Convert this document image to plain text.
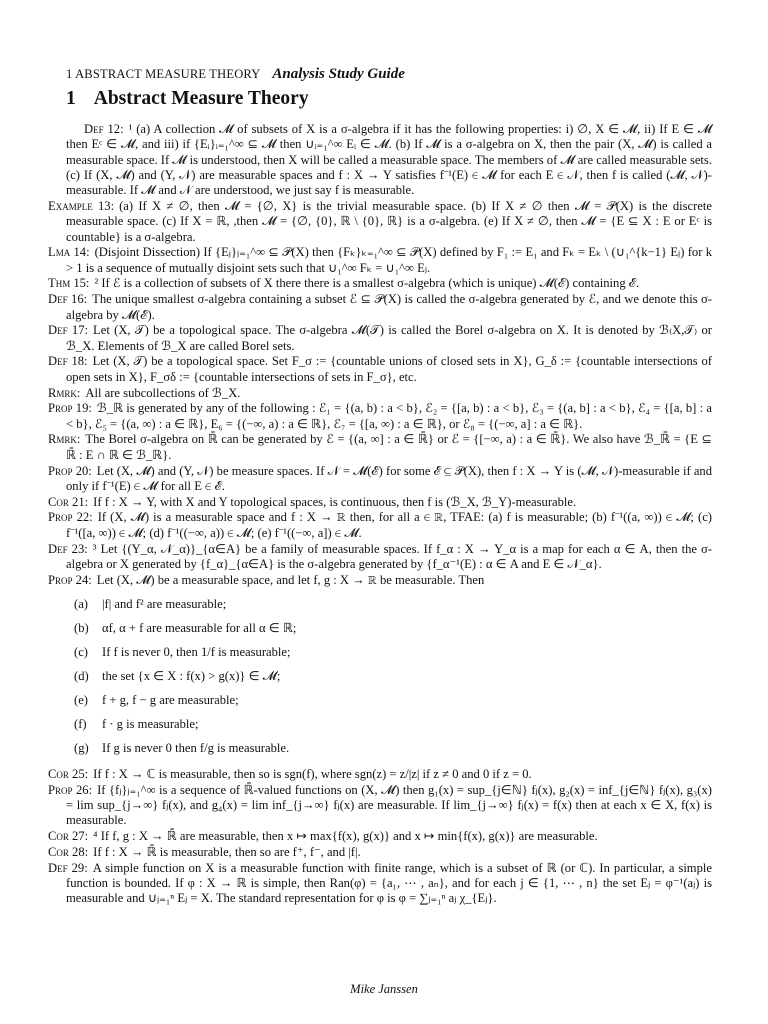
1 ABSTRACT MEASURE THEORY Analysis Study Guide
1 Abstract Measure Theory
Def 12: ¹ (a) A collection 𝓜 of subsets of X is a σ-algebra if it has the following properties: i) ∅, X ∈ 𝓜, ii) If E ∈ 𝓜 then Eᶜ ∈ 𝓜, and iii) if {Eᵢ}ᵢ₌₁^∞ ⊆ 𝓜 then ∪ᵢ₌₁^∞ Eᵢ ∈ 𝓜. (b) If 𝓜 is a σ-algebra on X, then the pair (X, 𝓜) is called a measurable space. If 𝓜 is understood, then X will be called a measurable space. The members of 𝓜 are called measurable sets. (c) If (X, 𝓜) and (Y, 𝒩) are measurable spaces and f : X → Y satisfies f⁻¹(E) ∈ 𝓜 for each E ∈ 𝒩, then f is called (𝓜, 𝒩)-measurable. If 𝓜 and 𝒩 are understood, we just say f is measurable.
Example 13: (a) If X ≠ ∅, then 𝓜 = {∅, X} is the trivial measurable space. (b) If X ≠ ∅ then 𝓜 = 𝒫(X) is the discrete measurable space. (c) If X = ℝ, ,then 𝓜 = {∅, {0}, ℝ \ {0}, ℝ} is a σ-algebra. (e) If X ≠ ∅, then 𝓜 = {E ⊆ X : E or Eᶜ is countable} is a σ-algebra.
Lma 14: (Disjoint Dissection) If {Eⱼ}ⱼ₌₁^∞ ⊆ 𝒫(X) then {Fₖ}ₖ₌₁^∞ ⊆ 𝒫(X) defined by F₁ := E₁ and Fₖ = Eₖ \ (∪₁^{k−1} Eⱼ) for k > 1 is a sequence of mutually disjoint sets such that ∪₁^∞ Fₖ = ∪₁^∞ Eⱼ.
Thm 15: ² If ℰ is a collection of subsets of X there there is a smallest σ-algebra (which is unique) 𝓜(ℰ) containing ℰ.
Def 16: The unique smallest σ-algebra containing a subset ℰ ⊆ 𝒫(X) is called the σ-algebra generated by ℰ, and we denote this σ-algebra by 𝓜(ℰ).
Def 17: Let (X, 𝒯) be a topological space. The σ-algebra 𝓜(𝒯) is called the Borel σ-algebra on X. It is denoted by ℬ₍X,𝒯₎ or ℬ_X. Elements of ℬ_X are called Borel sets.
Def 18: Let (X, 𝒯) be a topological space. Set F_σ := {countable unions of closed sets in X}, G_δ := {countable intersections of open sets in X}, F_σδ := {countable intersections of sets in F_σ}, etc.
Rmrk: All are subcollections of ℬ_X.
Prop 19: ℬ_ℝ is generated by any of the following : ℰ₁ = {(a, b) : a < b}, ℰ₂ = {[a, b) : a < b}, ℰ₃ = {(a, b] : a < b}, ℰ₄ = {[a, b] : a < b}, ℰ₅ = {(a, ∞) : a ∈ ℝ}, E₆ = {(−∞, a) : a ∈ ℝ}, ℰ₇ = {[a, ∞) : a ∈ ℝ}, or ℰ₈ = {(−∞, a] : a ∈ ℝ}.
Rmrk: The Borel σ-algebra on ℝ̄ can be generated by ℰ = {(a, ∞] : a ∈ ℝ̄} or ℰ = {[−∞, a) : a ∈ ℝ̄}. We also have ℬ_ℝ̄ = {E ⊆ ℝ̄ : E ∩ ℝ ∈ ℬ_ℝ}.
Prop 20: Let (X, 𝓜) and (Y, 𝒩) be measure spaces. If 𝒩 = 𝓜(ℰ) for some ℰ ⊆ 𝒫(X), then f : X → Y is (𝓜, 𝒩)-measurable if and only if f⁻¹(E) ∈ 𝓜 for all E ∈ ℰ.
Cor 21: If f : X → Y, with X and Y topological spaces, is continuous, then f is (ℬ_X, ℬ_Y)-measurable.
Prop 22: If (X, 𝓜) is a measurable space and f : X → ℝ then, for all a ∈ ℝ, TFAE: (a) f is measurable; (b) f⁻¹((a, ∞)) ∈ 𝓜; (c) f⁻¹([a, ∞)) ∈ 𝓜; (d) f⁻¹((−∞, a)) ∈ 𝓜; (e) f⁻¹((−∞, a]) ∈ 𝓜.
Def 23: ³ Let {(Y_α, 𝒩_α)}_{α∈A} be a family of measurable spaces. If f_α : X → Y_α is a map for each α ∈ A, then the σ-algebra or X generated by {f_α}_{α∈A} is the σ-algebra generated by {f_α⁻¹(E) : α ∈ A and E ∈ 𝒩_α}.
Prop 24: Let (X, 𝓜) be a measurable space, and let f, g : X → ℝ be measurable. Then
(a) |f| and f² are measurable;
(b) αf, α + f are measurable for all α ∈ ℝ;
(c) If f is never 0, then 1/f is measurable;
(d) the set {x ∈ X : f(x) > g(x)} ∈ 𝓜;
(e) f + g, f − g are measurable;
(f) f · g is measurable;
(g) If g is never 0 then f/g is measurable.
Cor 25: If f : X → ℂ is measurable, then so is sgn(f), where sgn(z) = z/|z| if z ≠ 0 and 0 if z = 0.
Prop 26: If {fⱼ}ⱼ₌₁^∞ is a sequence of ℝ̄-valued functions on (X, 𝓜) then g₁(x) = sup_{j∈ℕ} fⱼ(x), g₂(x) = inf_{j∈ℕ} fⱼ(x), g₃(x) = lim sup_{j→∞} fⱼ(x), and g₄(x) = lim inf_{j→∞} fⱼ(x) are measurable. If lim_{j→∞} fⱼ(x) = f(x) then at each x ∈ X, f(x) is measurable.
Cor 27: ⁴ If f, g : X → ℝ̄ are measurable, then x ↦ max{f(x), g(x)} and x ↦ min{f(x), g(x)} are measurable.
Cor 28: If f : X → ℝ̄ is measurable, then so are f⁺, f⁻, and |f|.
Def 29: A simple function on X is a measurable function with finite range, which is a subset of ℝ (or ℂ). In particular, a simple function is bounded. If φ : X → ℝ is simple, then Ran(φ) = {a₁, ⋯ , aₙ}, and for each j ∈ {1, ⋯ , n} the set Eⱼ = φ⁻¹(aⱼ) is measurable and ∪ⱼ₌₁ⁿ Eⱼ = X. The standard representation for φ is φ = ∑ⱼ₌₁ⁿ aⱼ χ_{Eⱼ}.
Mike Janssen
